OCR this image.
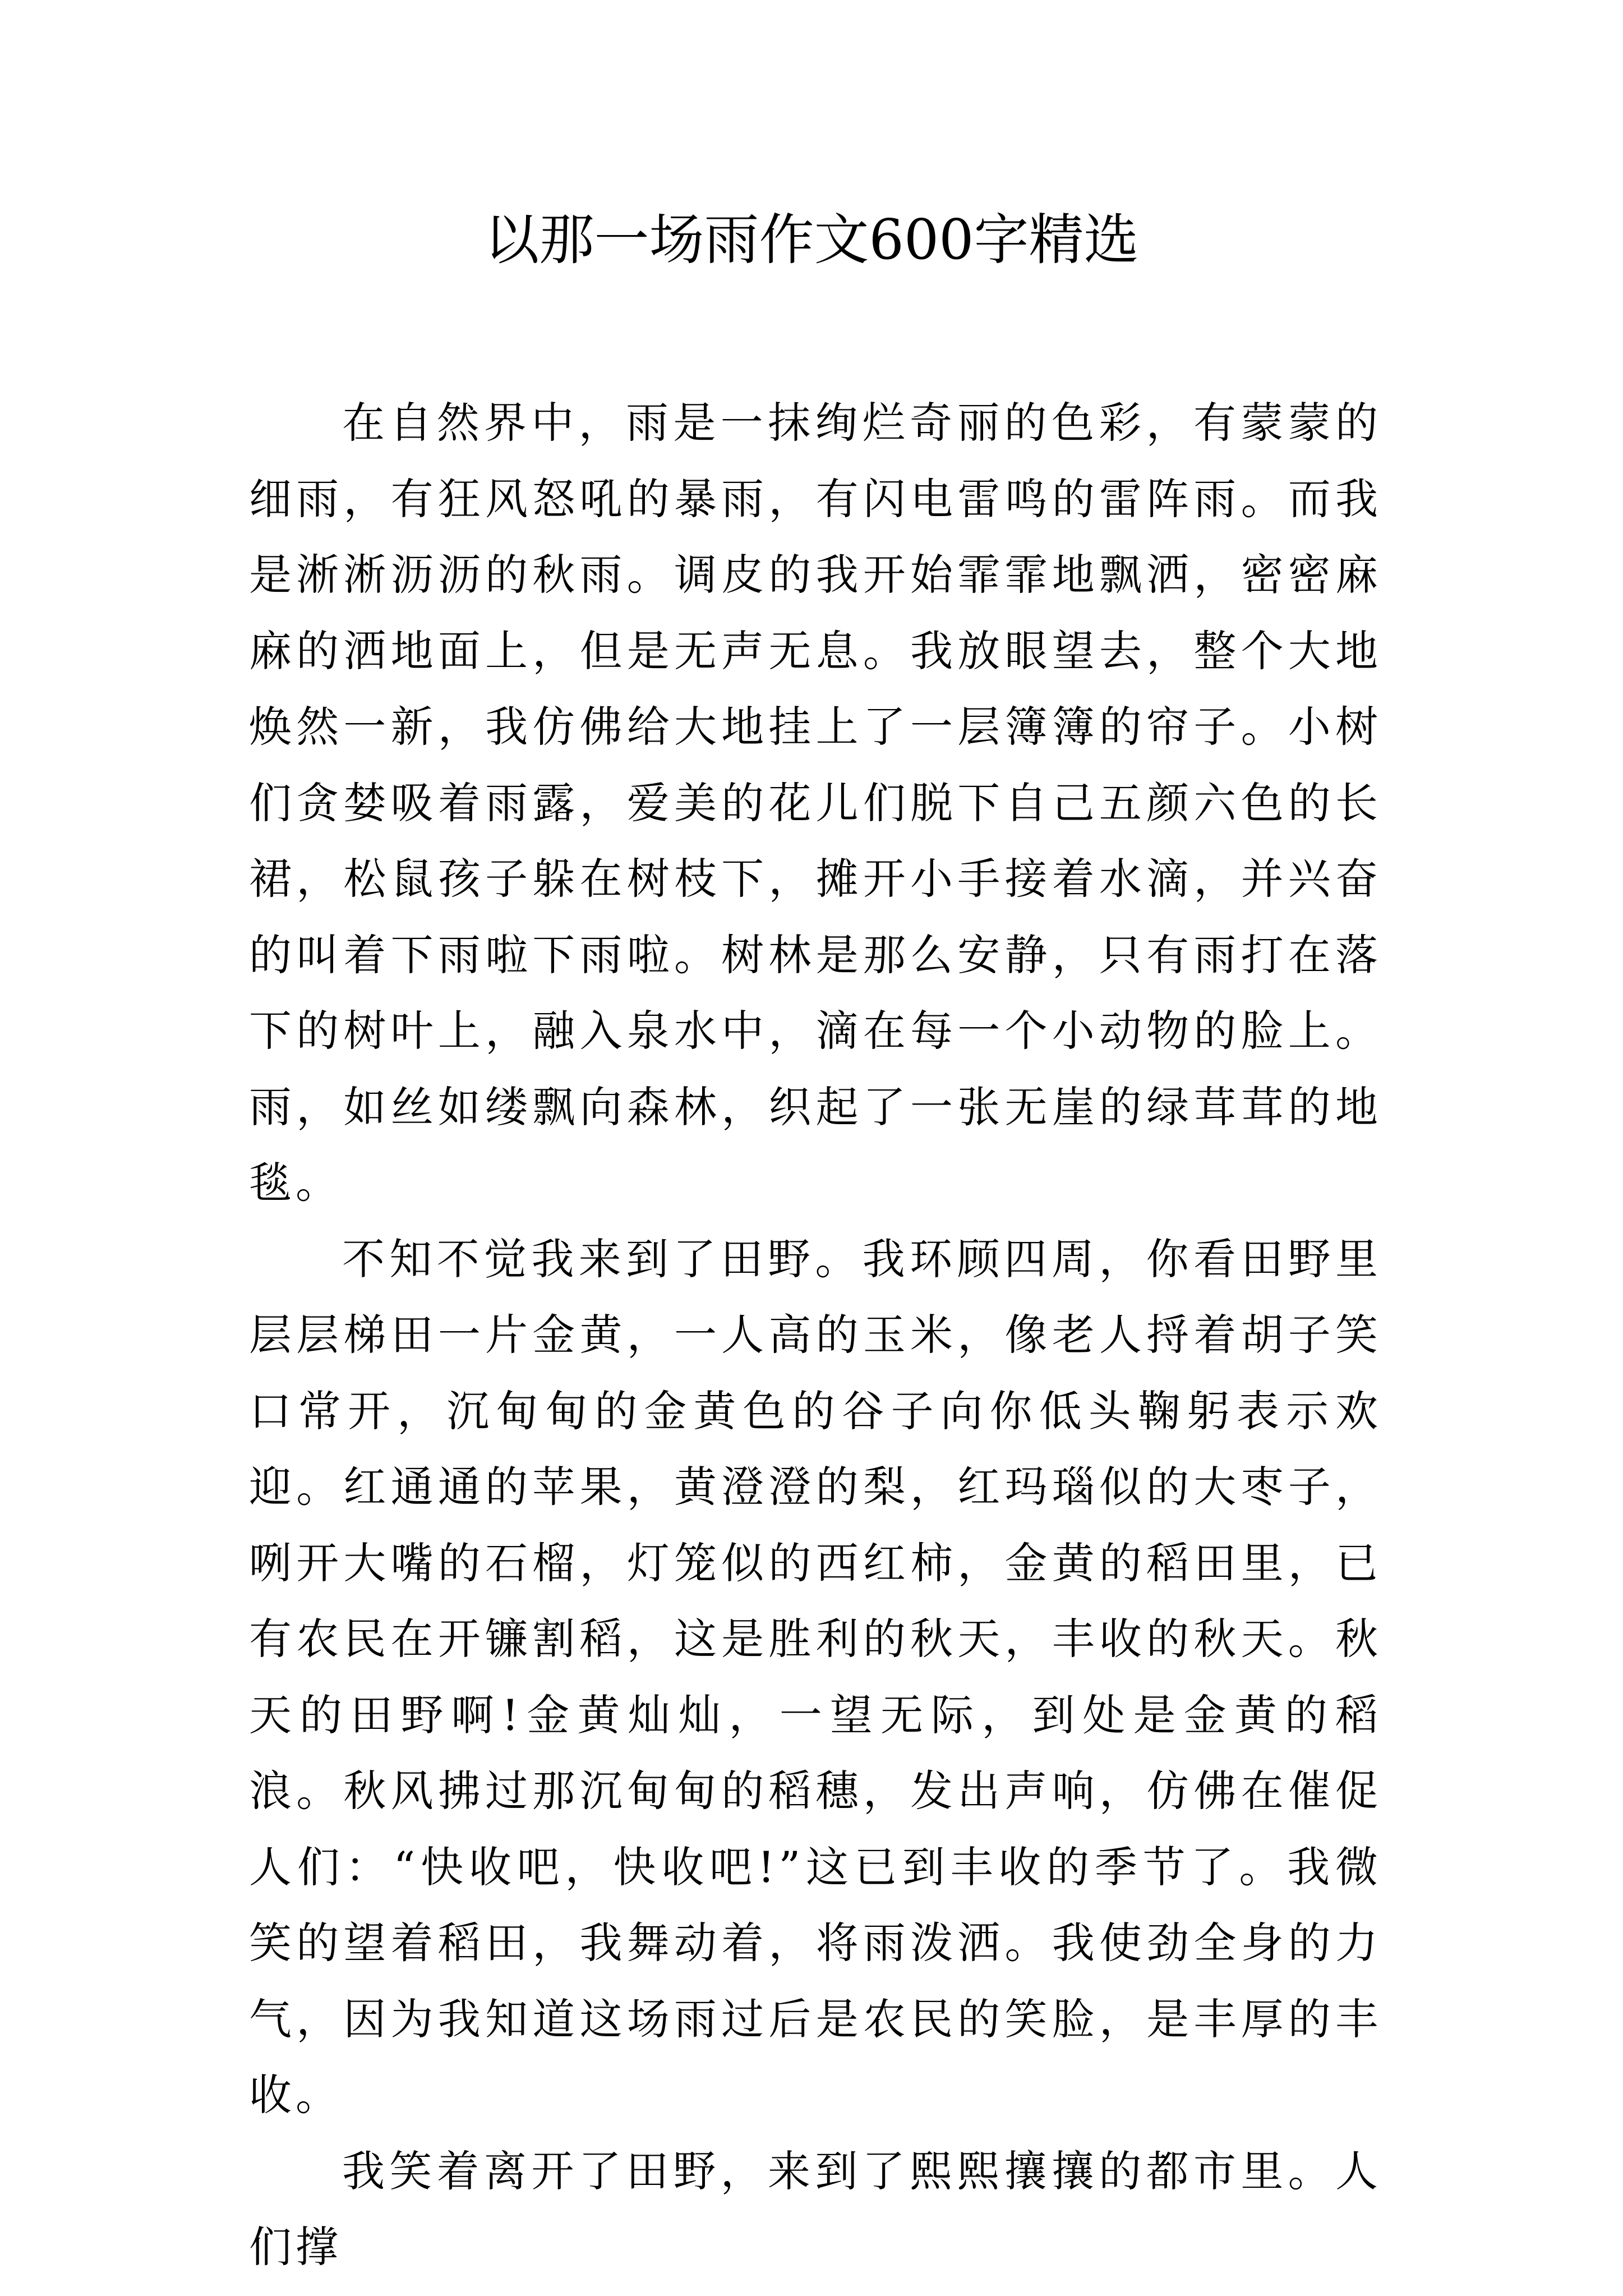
以那一场雨作文600字精选

在自然界中，雨是一抹绚烂奇丽的色彩，有蒙蒙的细雨，有狂风怒吼的暴雨，有闪电雷鸣的雷阵雨。而我是淅淅沥沥的秋雨。调皮的我开始霏霏地飘洒，密密麻麻的洒地面上，但是无声无息。我放眼望去，整个大地焕然一新，我仿佛给大地挂上了一层簿簿的帘子。小树们贪婪吸着雨露，爱美的花儿们脱下自己五颜六色的长裙，松鼠孩子躲在树枝下，摊开小手接着水滴，并兴奋的叫着下雨啦下雨啦。树林是那么安静，只有雨打在落下的树叶上，融入泉水中，滴在每一个小动物的脸上。雨，如丝如缕飘向森林，织起了一张无崖的绿茸茸的地毯。

不知不觉我来到了田野。我环顾四周，你看田野里层层梯田一片金黄，一人高的玉米，像老人捋着胡子笑口常开，沉甸甸的金黄色的谷子向你低头鞠躬表示欢迎。红通通的苹果，黄澄澄的梨，红玛瑙似的大枣子，咧开大嘴的石榴，灯笼似的西红柿，金黄的稻田里，已有农民在开镰割稻，这是胜利的秋天，丰收的秋天。秋天的田野啊!金黄灿灿，一望无际，到处是金黄的稻浪。秋风拂过那沉甸甸的稻穗，发出声响，仿佛在催促人们：“快收吧，快收吧!”这已到丰收的季节了。我微笑的望着稻田，我舞动着，将雨泼洒。我使劲全身的力气，因为我知道这场雨过后是农民的笑脸，是丰厚的丰收。

我笑着离开了田野，来到了熙熙攘攘的都市里。人们撑
